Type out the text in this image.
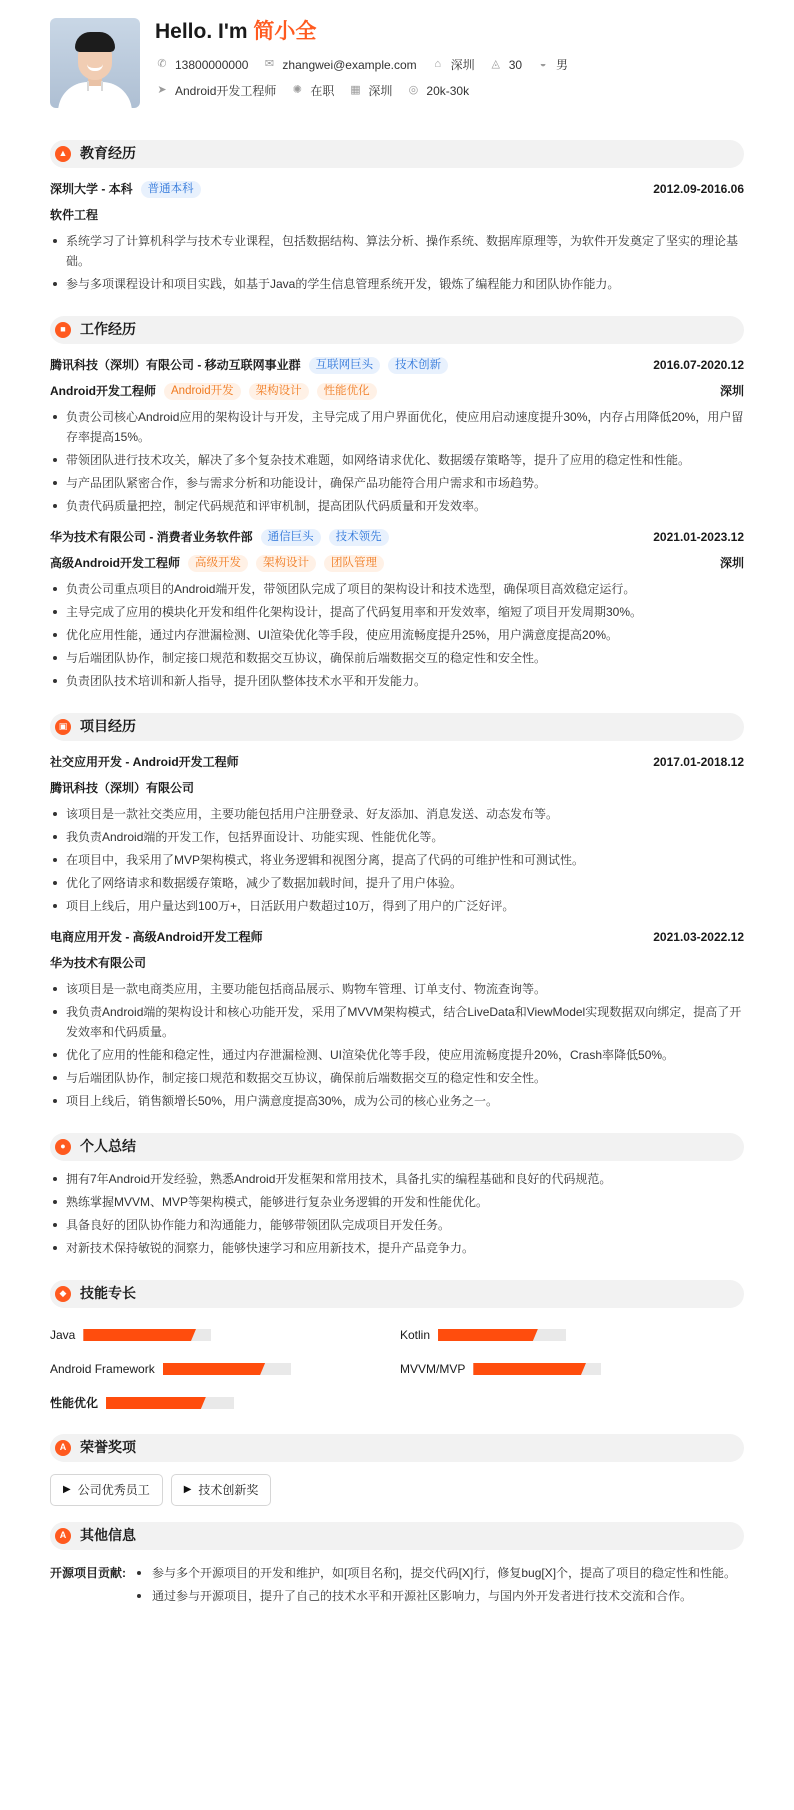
Hello. I'm 简小全
✆ 13800000000 ✉ zhangwei@example.com	⌂ 深圳 ◬ 30	◒ 男
➤ Android开发工程师 ✺ 在职 ▦ 深圳 ◎ 20k-30k
▲ 教育经历
深圳大学 - 本科	普通本科	2012.09-2016.06
软件工程
系统学习了计算机科学与技术专业课程，包括数据结构、算法分析、操作系统、数据库原理等，为软件开发奠定了坚实的理论基础。
参与多项课程设计和项目实践，如基于Java的学生信息管理系统开发，锻炼了编程能力和团队协作能力。
■	工作经历
腾讯科技（深圳）有限公司 - 移动互联网事业群	互联网巨头	技术创新	2016.07-2020.12
Android开发工程师	Android开发	架构设计	性能优化	深圳
负责公司核心Android应用的架构设计与开发，主导完成了用户界面优化，使应用启动速度提升30%，内存占用降低20%，用户留存率提高15%。
带领团队进行技术攻关，解决了多个复杂技术难题，如网络请求优化、数据缓存策略等，提升了应用的稳定性和性能。
与产品团队紧密合作，参与需求分析和功能设计，确保产品功能符合用户需求和市场趋势。
负责代码质量把控，制定代码规范和评审机制，提高团队代码质量和开发效率。
华为技术有限公司 - 消费者业务软件部	通信巨头	技术领先	2021.01-2023.12
高级Android开发工程师	高级开发	架构设计	团队管理	深圳
负责公司重点项目的Android端开发，带领团队完成了项目的架构设计和技术选型，确保项目高效稳定运行。
主导完成了应用的模块化开发和组件化架构设计，提高了代码复用率和开发效率，缩短了项目开发周期30%。
优化应用性能，通过内存泄漏检测、UI渲染优化等手段，使应用流畅度提升25%，用户满意度提高20%。
与后端团队协作，制定接口规范和数据交互协议，确保前后端数据交互的稳定性和安全性。
负责团队技术培训和新人指导，提升团队整体技术水平和开发能力。
▣ 项目经历
社交应用开发 - Android开发工程师	2017.01-2018.12
腾讯科技（深圳）有限公司
该项目是一款社交类应用，主要功能包括用户注册登录、好友添加、消息发送、动态发布等。
我负责Android端的开发工作，包括界面设计、功能实现、性能优化等。
在项目中，我采用了MVP架构模式，将业务逻辑和视图分离，提高了代码的可维护性和可测试性。
优化了网络请求和数据缓存策略，减少了数据加载时间，提升了用户体验。
项目上线后，用户量达到100万+，日活跃用户数超过10万，得到了用户的广泛好评。
电商应用开发 - 高级Android开发工程师	2021.03-2022.12
华为技术有限公司
该项目是一款电商类应用，主要功能包括商品展示、购物车管理、订单支付、物流查询等。
我负责Android端的架构设计和核心功能开发，采用了MVVM架构模式，结合LiveData和ViewModel实现数据双向绑定，提高了开发效率和代码质量。
优化了应用的性能和稳定性，通过内存泄漏检测、UI渲染优化等手段，使应用流畅度提升20%，Crash率降低50%。
与后端团队协作，制定接口规范和数据交互协议，确保前后端数据交互的稳定性和安全性。
项目上线后，销售额增长50%，用户满意度提高30%，成为公司的核心业务之一。
●	个人总结
拥有7年Android开发经验，熟悉Android开发框架和常用技术，具备扎实的编程基础和良好的代码规范。
熟练掌握MVVM、MVP等架构模式，能够进行复杂业务逻辑的开发和性能优化。
具备良好的团队协作能力和沟通能力，能够带领团队完成项目开发任务。
对新技术保持敏锐的洞察力，能够快速学习和应用新技术，提升产品竞争力。
◆ 技能专长
Java	Kotlin
Android Framework	MVVM/MVP
性能优化
A 荣誉奖项
▶ 公司优秀员工	▶ 技术创新奖
A 其他信息
开源项目贡献:	参与多个开源项目的开发和维护，如[项目名称]，提交代码[X]行，修复bug[X]个，提高了项目的稳定性和性能。
通过参与开源项目，提升了自己的技术水平和开源社区影响力，与国内外开发者进行技术交流和合作。
